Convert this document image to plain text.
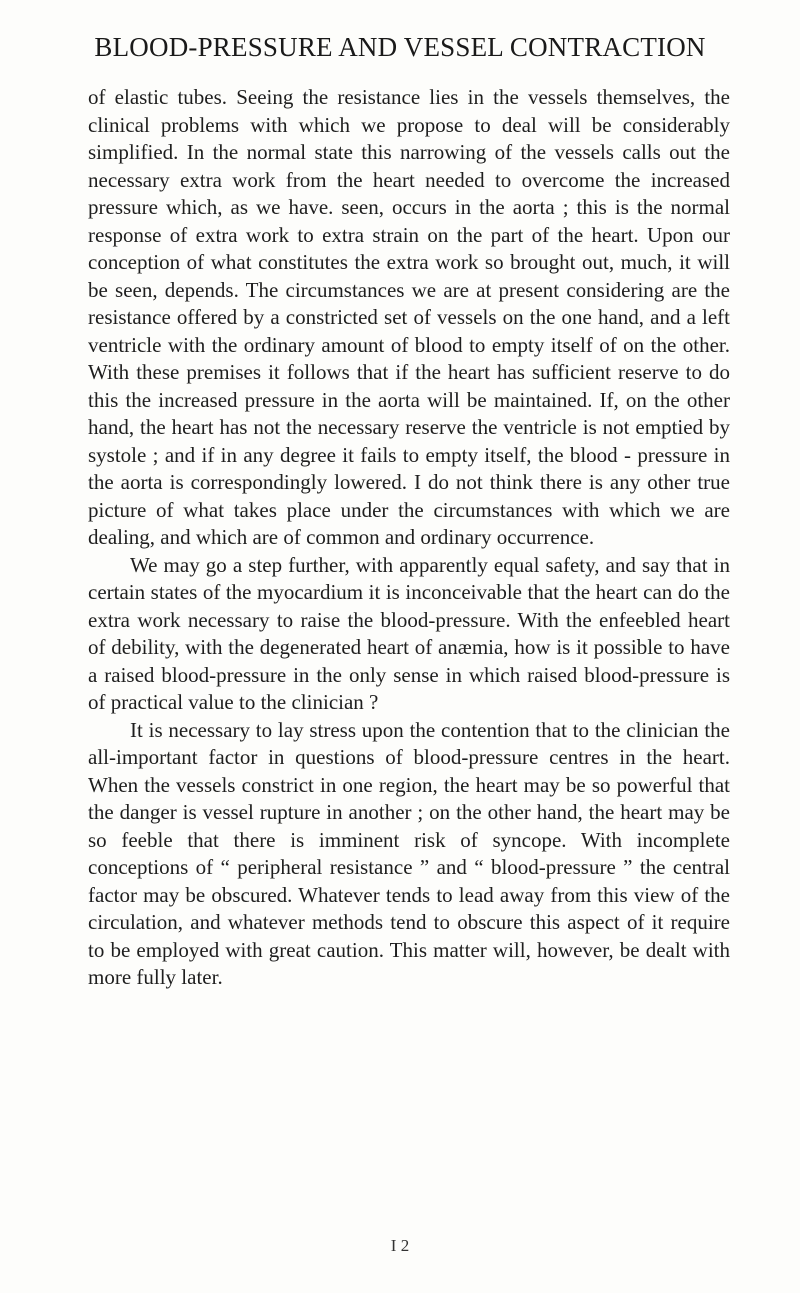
BLOOD-PRESSURE AND VESSEL CONTRACTION

of elastic tubes. Seeing the resistance lies in the vessels themselves, the clinical problems with which we propose to deal will be considerably simplified. In the normal state this narrowing of the vessels calls out the necessary extra work from the heart needed to overcome the increased pressure which, as we have. seen, occurs in the aorta ; this is the normal response of extra work to extra strain on the part of the heart. Upon our conception of what constitutes the extra work so brought out, much, it will be seen, depends. The circumstances we are at present considering are the resistance offered by a constricted set of vessels on the one hand, and a left ventricle with the ordinary amount of blood to empty itself of on the other. With these premises it follows that if the heart has sufficient reserve to do this the increased pressure in the aorta will be maintained. If, on the other hand, the heart has not the necessary reserve the ventricle is not emptied by systole ; and if in any degree it fails to empty itself, the blood - pressure in the aorta is correspondingly lowered. I do not think there is any other true picture of what takes place under the circumstances with which we are dealing, and which are of common and ordinary occurrence.

We may go a step further, with apparently equal safety, and say that in certain states of the myocardium it is inconceivable that the heart can do the extra work necessary to raise the blood-pressure. With the enfeebled heart of debility, with the degenerated heart of anæmia, how is it possible to have a raised blood-pressure in the only sense in which raised blood-pressure is of practical value to the clinician ?

It is necessary to lay stress upon the contention that to the clinician the all-important factor in questions of blood-pressure centres in the heart. When the vessels constrict in one region, the heart may be so powerful that the danger is vessel rupture in another ; on the other hand, the heart may be so feeble that there is imminent risk of syncope. With incomplete conceptions of “ peripheral resistance ” and “ blood-pressure ” the central factor may be obscured. Whatever tends to lead away from this view of the circulation, and whatever methods tend to obscure this aspect of it require to be employed with great caution. This matter will, however, be dealt with more fully later.

I 2
